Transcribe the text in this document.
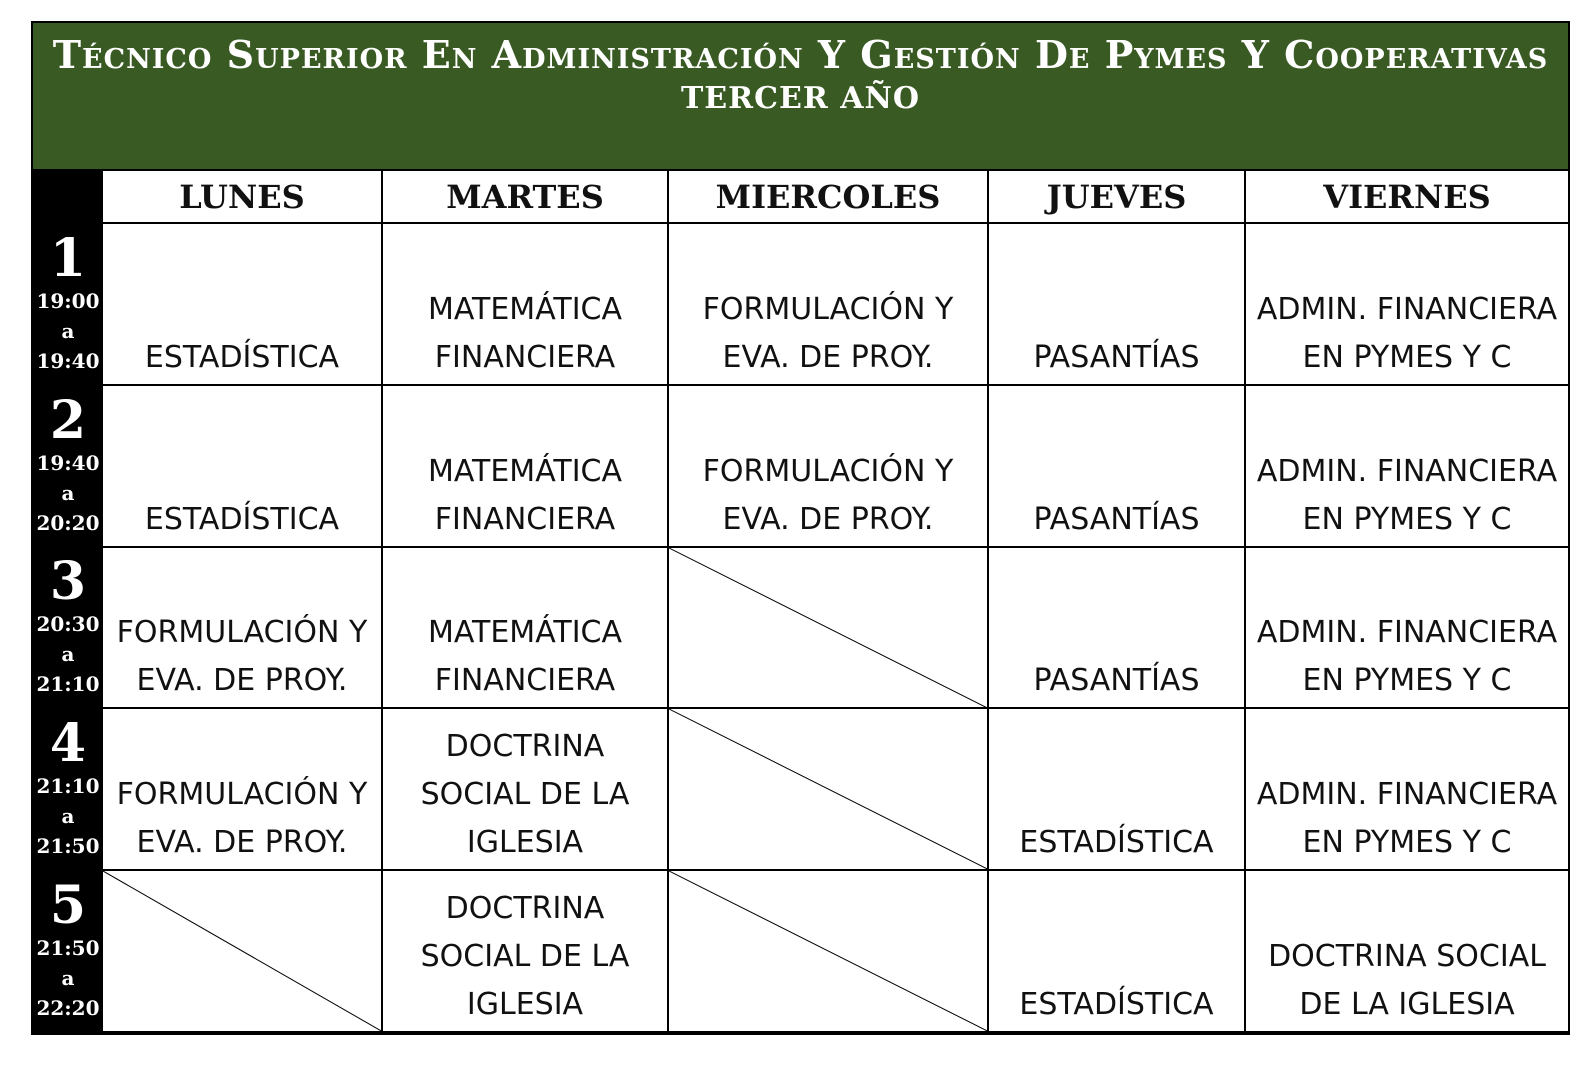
Técnico Superior En Administración Y Gestión De Pymes Y Cooperativas
TERCER AÑO
	LUNES	MARTES	MIERCOLES	JUEVES	VIERNES

1
19:00
a
19:40	ESTADÍSTICA	MATEMÁTICA FINANCIERA	FORMULACIÓN Y EVA. DE PROY.	PASANTÍAS	ADMIN. FINANCIERA EN PYMES Y C

2
19:40
a
20:20	ESTADÍSTICA	MATEMÁTICA FINANCIERA	FORMULACIÓN Y EVA. DE PROY.	PASANTÍAS	ADMIN. FINANCIERA EN PYMES Y C

3
20:30
a
21:10	FORMULACIÓN Y EVA. DE PROY.	MATEMÁTICA FINANCIERA		PASANTÍAS	ADMIN. FINANCIERA EN PYMES Y C

4
21:10
a
21:50	FORMULACIÓN Y EVA. DE PROY.	DOCTRINA SOCIAL DE LA IGLESIA		ESTADÍSTICA	ADMIN. FINANCIERA EN PYMES Y C

5
21:50
a
22:20		DOCTRINA SOCIAL DE LA IGLESIA		ESTADÍSTICA	DOCTRINA SOCIAL DE LA IGLESIA
